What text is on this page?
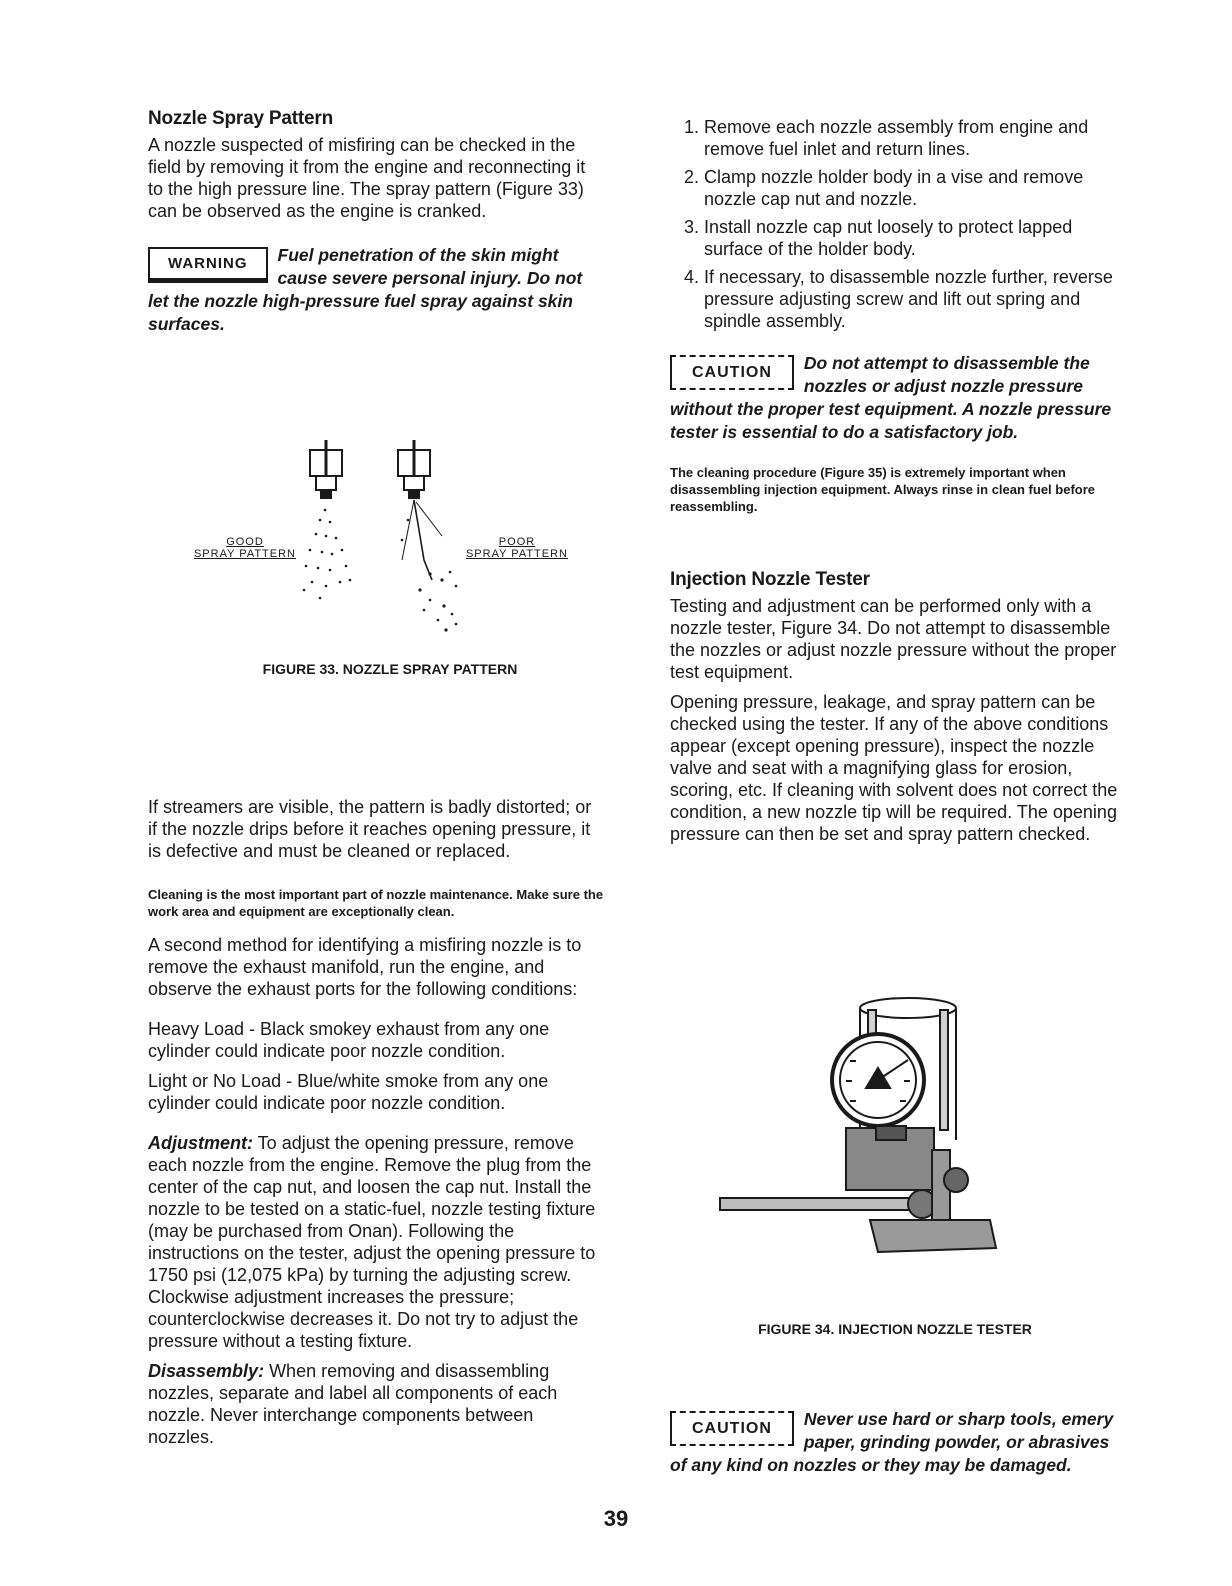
Nozzle Spray Pattern

A nozzle suspected of misfiring can be checked in the field by removing it from the engine and reconnecting it to the high pressure line. The spray pattern (Figure 33) can be observed as the engine is cranked.

WARNING	Fuel penetration of the skin might cause severe personal injury. Do not let the nozzle high-pressure fuel spray against skin surfaces.
GOOD
SPRAY PATTERN
POOR
SPRAY PATTERN

FIGURE 33. NOZZLE SPRAY PATTERN

If streamers are visible, the pattern is badly distorted; or if the nozzle drips before it reaches opening pressure, it is defective and must be cleaned or replaced.

Cleaning is the most important part of nozzle maintenance. Make sure the work area and equipment are exceptionally clean.

A second method for identifying a misfiring nozzle is to remove the exhaust manifold, run the engine, and observe the exhaust ports for the following conditions:

Heavy Load - Black smokey exhaust from any one cylinder could indicate poor nozzle condition.

Light or No Load - Blue/white smoke from any one cylinder could indicate poor nozzle condition.

Adjustment: To adjust the opening pressure, remove each nozzle from the engine. Remove the plug from the center of the cap nut, and loosen the cap nut. Install the nozzle to be tested on a static-fuel, nozzle testing fixture (may be purchased from Onan). Following the instructions on the tester, adjust the opening pressure to 1750 psi (12,075 kPa) by turning the adjusting screw. Clockwise adjustment increases the pressure; counterclockwise decreases it. Do not try to adjust the pressure without a testing fixture.

Disassembly: When removing and disassembling nozzles, separate and label all components of each nozzle. Never interchange components between nozzles.

1. Remove each nozzle assembly from engine and remove fuel inlet and return lines.
2. Clamp nozzle holder body in a vise and remove nozzle cap nut and nozzle.
3. Install nozzle cap nut loosely to protect lapped surface of the holder body.
4. If necessary, to disassemble nozzle further, reverse pressure adjusting screw and lift out spring and spindle assembly.
CAUTION	Do not attempt to disassemble the nozzles or adjust nozzle pressure without the proper test equipment. A nozzle pressure tester is essential to do a satisfactory job.

The cleaning procedure (Figure 35) is extremely important when disassembling injection equipment. Always rinse in clean fuel before reassembling.

Injection Nozzle Tester

Testing and adjustment can be performed only with a nozzle tester, Figure 34. Do not attempt to disassemble the nozzles or adjust nozzle pressure without the proper test equipment.

Opening pressure, leakage, and spray pattern can be checked using the tester. If any of the above conditions appear (except opening pressure), inspect the nozzle valve and seat with a magnifying glass for erosion, scoring, etc. If cleaning with solvent does not correct the condition, a new nozzle tip will be required. The opening pressure can then be set and spray pattern checked.

FIGURE 34. INJECTION NOZZLE TESTER

CAUTION	Never use hard or sharp tools, emery paper, grinding powder, or abrasives of any kind on nozzles or they may be damaged.
39
